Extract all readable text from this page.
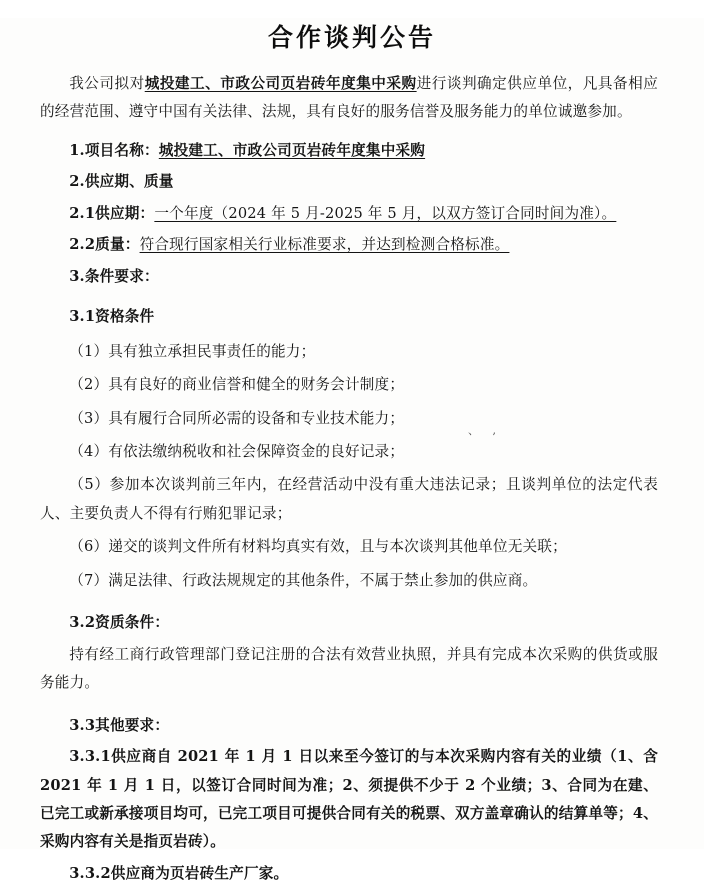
合作谈判公告

我公司拟对城投建工、市政公司页岩砖年度集中采购进行谈判确定供应单位，凡具备相应的经营范围、遵守中国有关法律、法规，具有良好的服务信誉及服务能力的单位诚邀参加。

1.项目名称：城投建工、市政公司页岩砖年度集中采购

2.供应期、质量

2.1供应期：一个年度（2024 年 5 月-2025 年 5 月，以双方签订合同时间为准）。

2.2质量：符合现行国家相关行业标准要求，并达到检测合格标准。

3.条件要求：

3.1资格条件

（1）具有独立承担民事责任的能力；

（2）具有良好的商业信誉和健全的财务会计制度；

（3）具有履行合同所必需的设备和专业技术能力；

（4）有依法缴纳税收和社会保障资金的良好记录；

（5）参加本次谈判前三年内，在经营活动中没有重大违法记录；且谈判单位的法定代表人、主要负责人不得有行贿犯罪记录；

（6）递交的谈判文件所有材料均真实有效，且与本次谈判其他单位无关联；

（7）满足法律、行政法规规定的其他条件，不属于禁止参加的供应商。

3.2资质条件：

持有经工商行政管理部门登记注册的合法有效营业执照，并具有完成本次采购的供货或服务能力。

3.3其他要求：

3.3.1供应商自 2021 年 1 月 1 日以来至今签订的与本次采购内容有关的业绩（1、含 2021 年 1 月 1 日，以签订合同时间为准；2、须提供不少于 2 个业绩；3、合同为在建、已完工或新承接项目均可，已完工项目可提供合同有关的税票、双方盖章确认的结算单等；4、采购内容有关是指页岩砖）。

3.3.2供应商为页岩砖生产厂家。

、 ,
